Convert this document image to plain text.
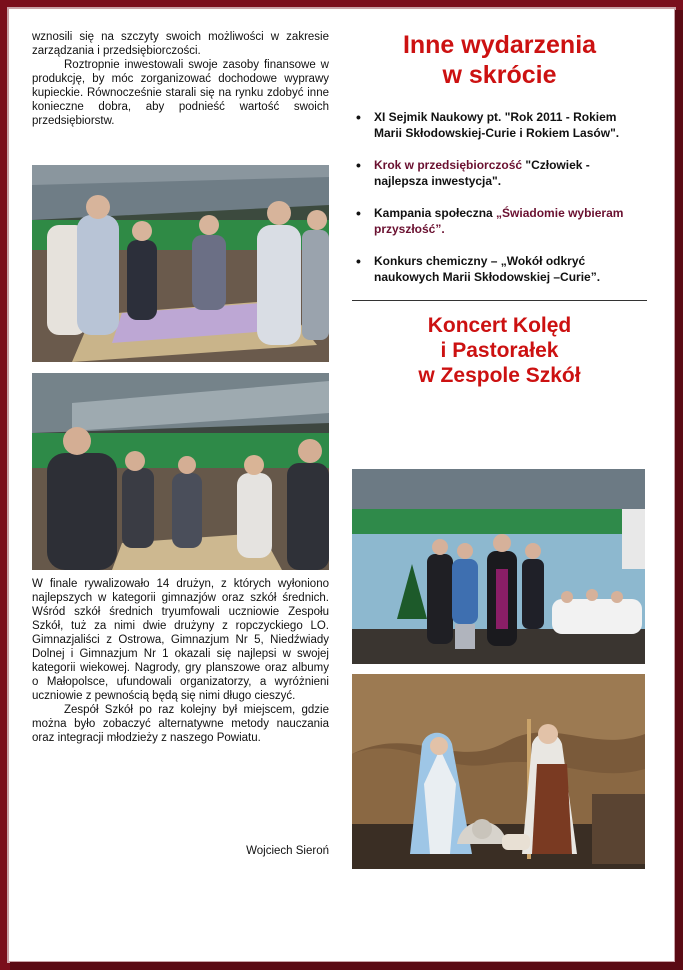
wznosili się na szczyty swoich możliwości w zakresie zarządzania i przedsiębiorczości.

Roztropnie inwestowali swoje zasoby finansowe w produkcję, by móc zorganizować dochodowe wyprawy kupieckie. Równocześnie starali się na rynku zdobyć inne konieczne dobra, aby podnieść wartość swoich przedsiębiorstw.

W finale rywalizowało 14 drużyn, z których wyłoniono najlepszych w kategorii gimnazjów oraz szkół średnich. Wśród szkół średnich tryumfowali uczniowie Zespołu Szkół, tuż za nimi dwie drużyny z ropczyckiego LO. Gimnazjaliści z Ostrowa, Gimnazjum Nr 5, Niedźwiady Dolnej i Gimnazjum Nr 1 okazali się najlepsi w swojej kategorii wiekowej. Nagrody, gry planszowe oraz albumy o Małopolsce, ufundowali organizatorzy, a wyróżnieni uczniowie z pewnością będą się nimi długo cieszyć.

Zespół Szkół po raz kolejny był miejscem, gdzie można było zobaczyć alternatywne metody nauczania oraz integracji młodzieży z naszego Powiatu.

Wojciech Sieroń
Inne wydarzenia
w skrócie
• XI Sejmik Naukowy pt. "Rok 2011 - Rokiem Marii Skłodowskiej-Curie i Rokiem Lasów".
• Krok w przedsiębiorczość "Człowiek - najlepsza inwestycja".
• Kampania społeczna „Świadomie wybieram przyszłość”.
• Konkurs chemiczny – „Wokół odkryć naukowych Marii Skłodowskiej –Curie”.
Koncert Kolęd
i Pastorałek
w Zespole Szkół
